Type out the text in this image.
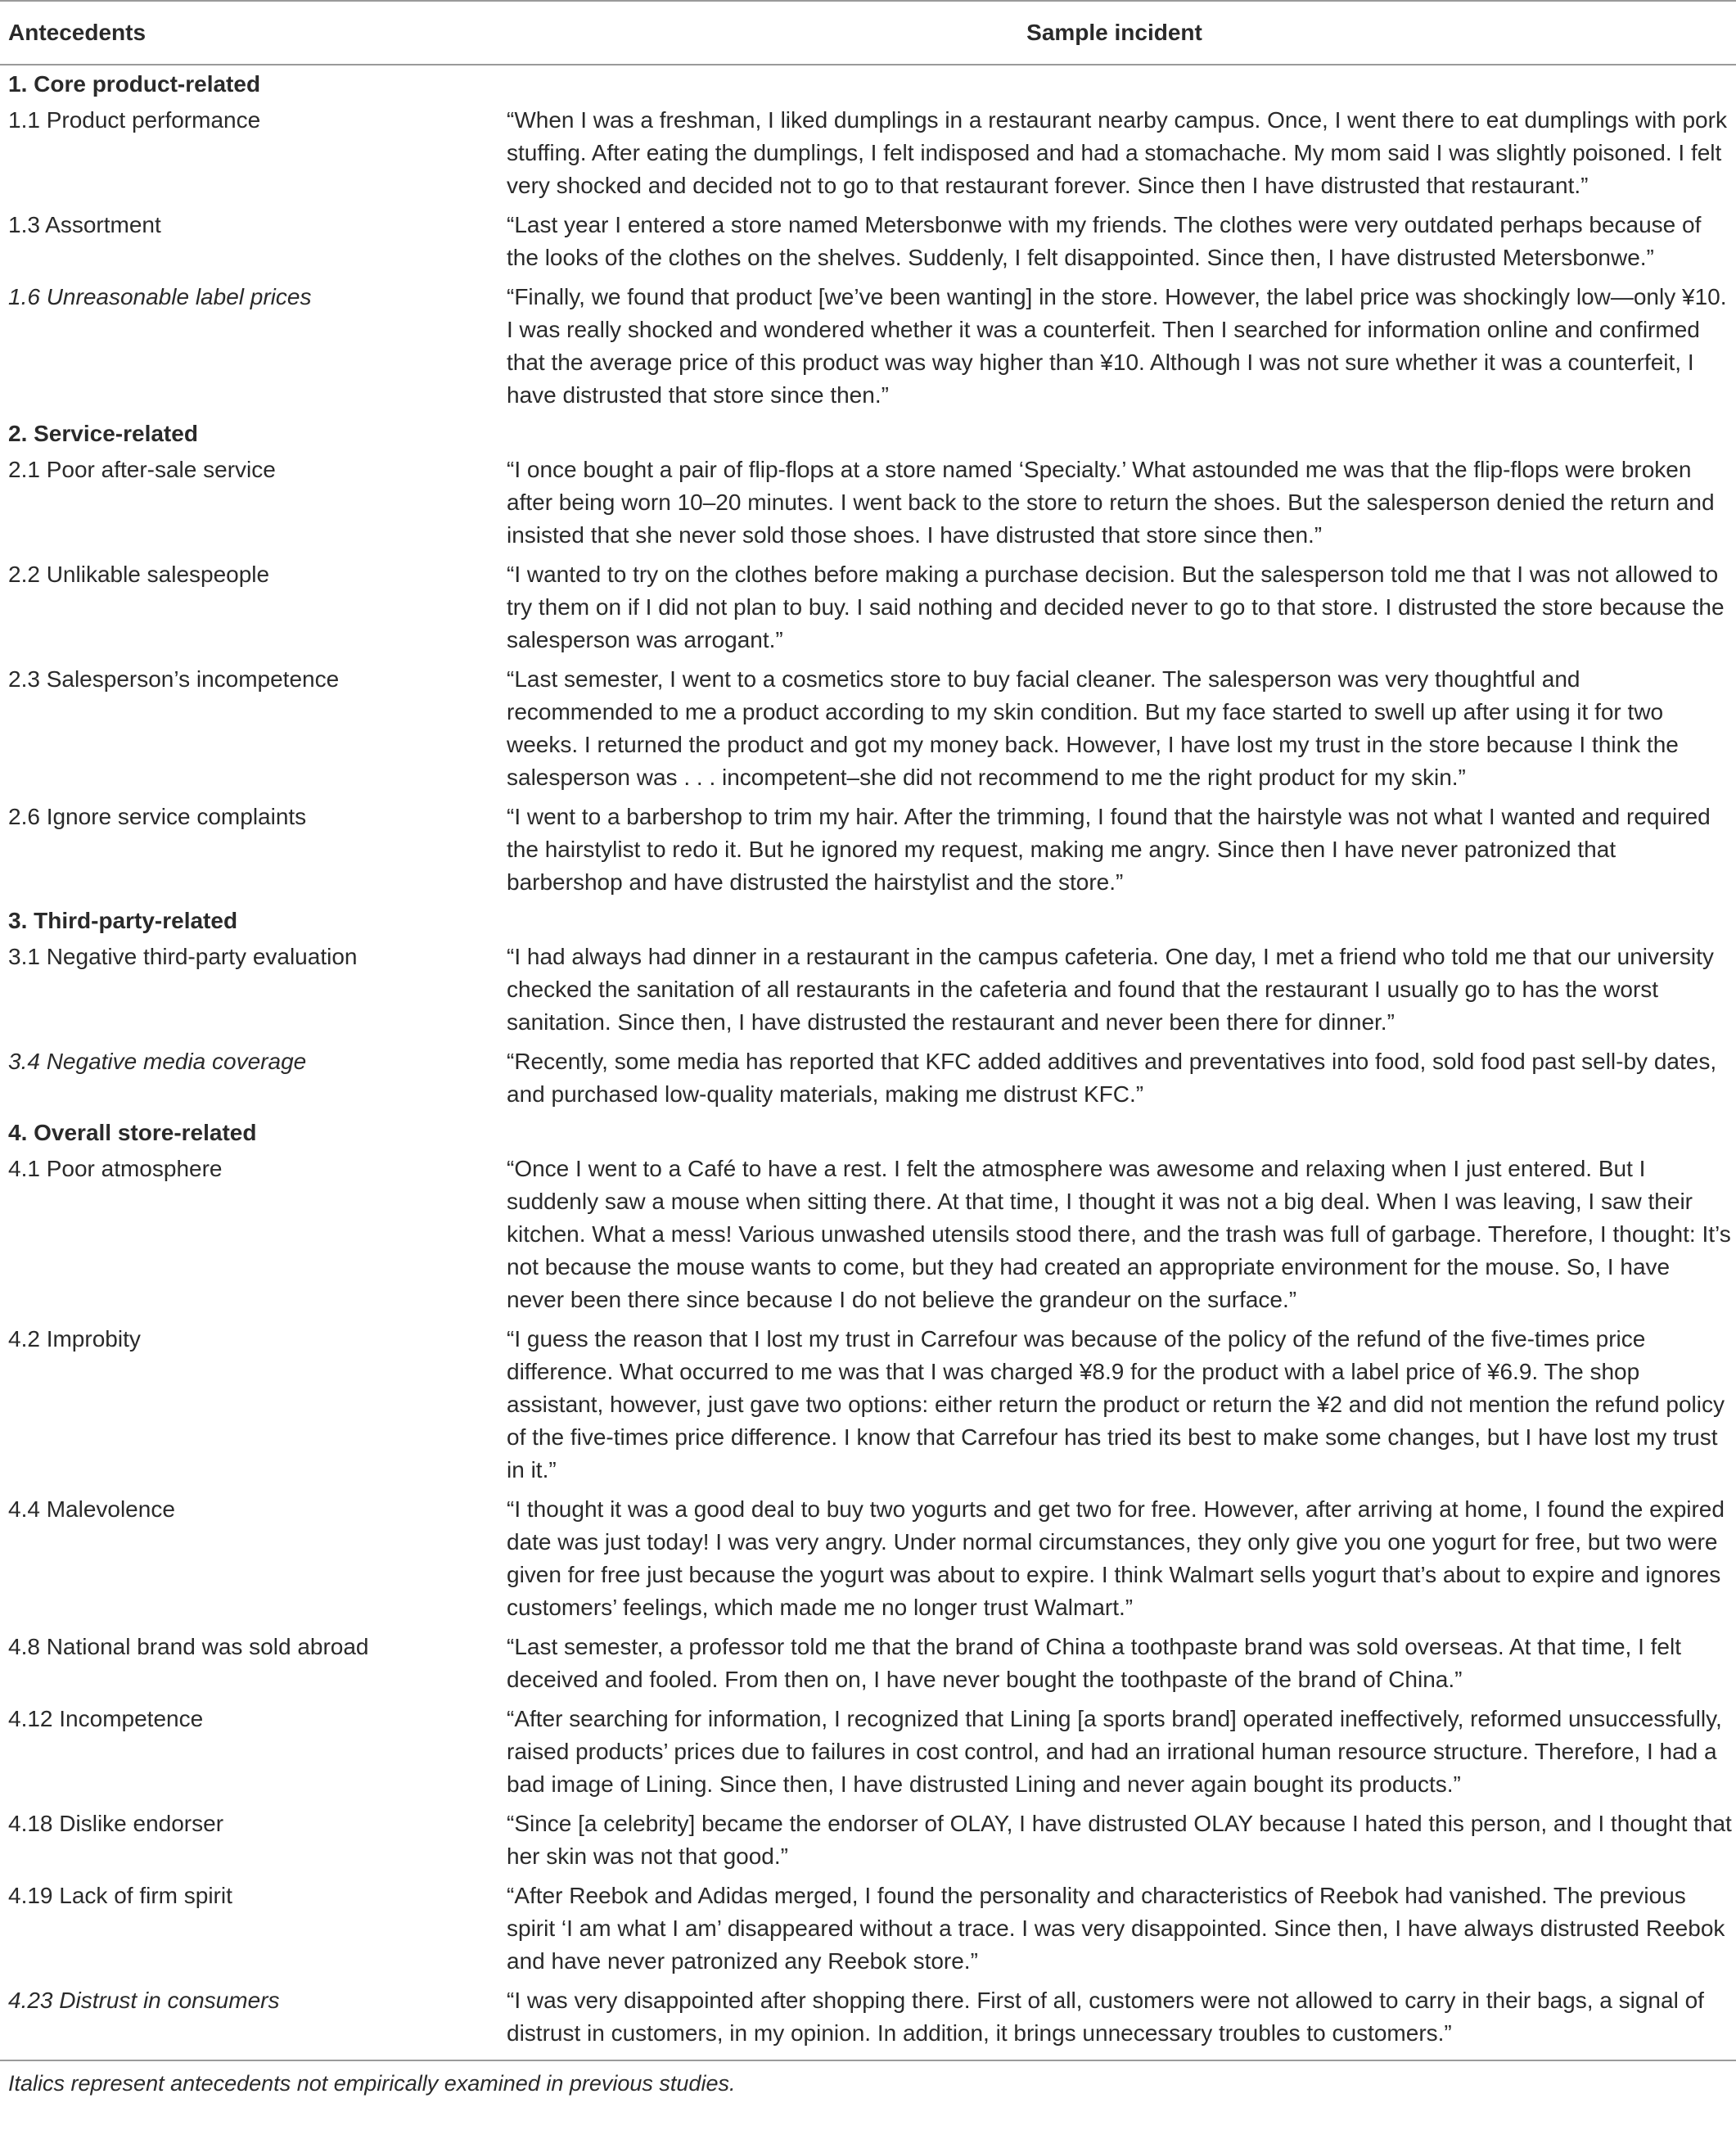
Antecedents	Sample incident
1. Core product-related	
1.1 Product performance	“When I was a freshman, I liked dumplings in a restaurant nearby campus. Once, I went there to eat dumplings with pork stuffing. After eating the dumplings, I felt indisposed and had a stomachache. My mom said I was slightly poisoned. I felt very shocked and decided not to go to that restaurant forever. Since then I have distrusted that restaurant.”
1.3 Assortment	“Last year I entered a store named Metersbonwe with my friends. The clothes were very outdated perhaps because of the looks of the clothes on the shelves. Suddenly, I felt disappointed. Since then, I have distrusted Metersbonwe.”
1.6 Unreasonable label prices	“Finally, we found that product [we’ve been wanting] in the store. However, the label price was shockingly low—only ¥10. I was really shocked and wondered whether it was a counterfeit. Then I searched for information online and confirmed that the average price of this product was way higher than ¥10. Although I was not sure whether it was a counterfeit, I have distrusted that store since then.”
2. Service-related	
2.1 Poor after-sale service	“I once bought a pair of flip-flops at a store named ‘Specialty.’ What astounded me was that the flip-flops were broken after being worn 10–20 minutes. I went back to the store to return the shoes. But the salesperson denied the return and insisted that she never sold those shoes. I have distrusted that store since then.”
2.2 Unlikable salespeople	“I wanted to try on the clothes before making a purchase decision. But the salesperson told me that I was not allowed to try them on if I did not plan to buy. I said nothing and decided never to go to that store. I distrusted the store because the salesperson was arrogant.”
2.3 Salesperson’s incompetence	“Last semester, I went to a cosmetics store to buy facial cleaner. The salesperson was very thoughtful and recommended to me a product according to my skin condition. But my face started to swell up after using it for two weeks. I returned the product and got my money back. However, I have lost my trust in the store because I think the salesperson was . . . incompetent–she did not recommend to me the right product for my skin.”
2.6 Ignore service complaints	“I went to a barbershop to trim my hair. After the trimming, I found that the hairstyle was not what I wanted and required the hairstylist to redo it. But he ignored my request, making me angry. Since then I have never patronized that barbershop and have distrusted the hairstylist and the store.”
3. Third-party-related	
3.1 Negative third-party evaluation	“I had always had dinner in a restaurant in the campus cafeteria. One day, I met a friend who told me that our university checked the sanitation of all restaurants in the cafeteria and found that the restaurant I usually go to has the worst sanitation. Since then, I have distrusted the restaurant and never been there for dinner.”
3.4 Negative media coverage	“Recently, some media has reported that KFC added additives and preventatives into food, sold food past sell-by dates, and purchased low-quality materials, making me distrust KFC.”
4. Overall store-related	
4.1 Poor atmosphere	“Once I went to a Café to have a rest. I felt the atmosphere was awesome and relaxing when I just entered. But I suddenly saw a mouse when sitting there. At that time, I thought it was not a big deal. When I was leaving, I saw their kitchen. What a mess! Various unwashed utensils stood there, and the trash was full of garbage. Therefore, I thought: It’s not because the mouse wants to come, but they had created an appropriate environment for the mouse. So, I have never been there since because I do not believe the grandeur on the surface.”
4.2 Improbity	“I guess the reason that I lost my trust in Carrefour was because of the policy of the refund of the five-times price difference. What occurred to me was that I was charged ¥8.9 for the product with a label price of ¥6.9. The shop assistant, however, just gave two options: either return the product or return the ¥2 and did not mention the refund policy of the five-times price difference. I know that Carrefour has tried its best to make some changes, but I have lost my trust in it.”
4.4 Malevolence	“I thought it was a good deal to buy two yogurts and get two for free. However, after arriving at home, I found the expired date was just today! I was very angry. Under normal circumstances, they only give you one yogurt for free, but two were given for free just because the yogurt was about to expire. I think Walmart sells yogurt that’s about to expire and ignores customers’ feelings, which made me no longer trust Walmart.”
4.8 National brand was sold abroad	“Last semester, a professor told me that the brand of China a toothpaste brand was sold overseas. At that time, I felt deceived and fooled. From then on, I have never bought the toothpaste of the brand of China.”
4.12 Incompetence	“After searching for information, I recognized that Lining [a sports brand] operated ineffectively, reformed unsuccessfully, raised products’ prices due to failures in cost control, and had an irrational human resource structure. Therefore, I had a bad image of Lining. Since then, I have distrusted Lining and never again bought its products.”
4.18 Dislike endorser	“Since [a celebrity] became the endorser of OLAY, I have distrusted OLAY because I hated this person, and I thought that her skin was not that good.”
4.19 Lack of firm spirit	“After Reebok and Adidas merged, I found the personality and characteristics of Reebok had vanished. The previous spirit ‘I am what I am’ disappeared without a trace. I was very disappointed. Since then, I have always distrusted Reebok and have never patronized any Reebok store.”
4.23 Distrust in consumers	“I was very disappointed after shopping there. First of all, customers were not allowed to carry in their bags, a signal of distrust in customers, in my opinion. In addition, it brings unnecessary troubles to customers.”
Italics represent antecedents not empirically examined in previous studies.
